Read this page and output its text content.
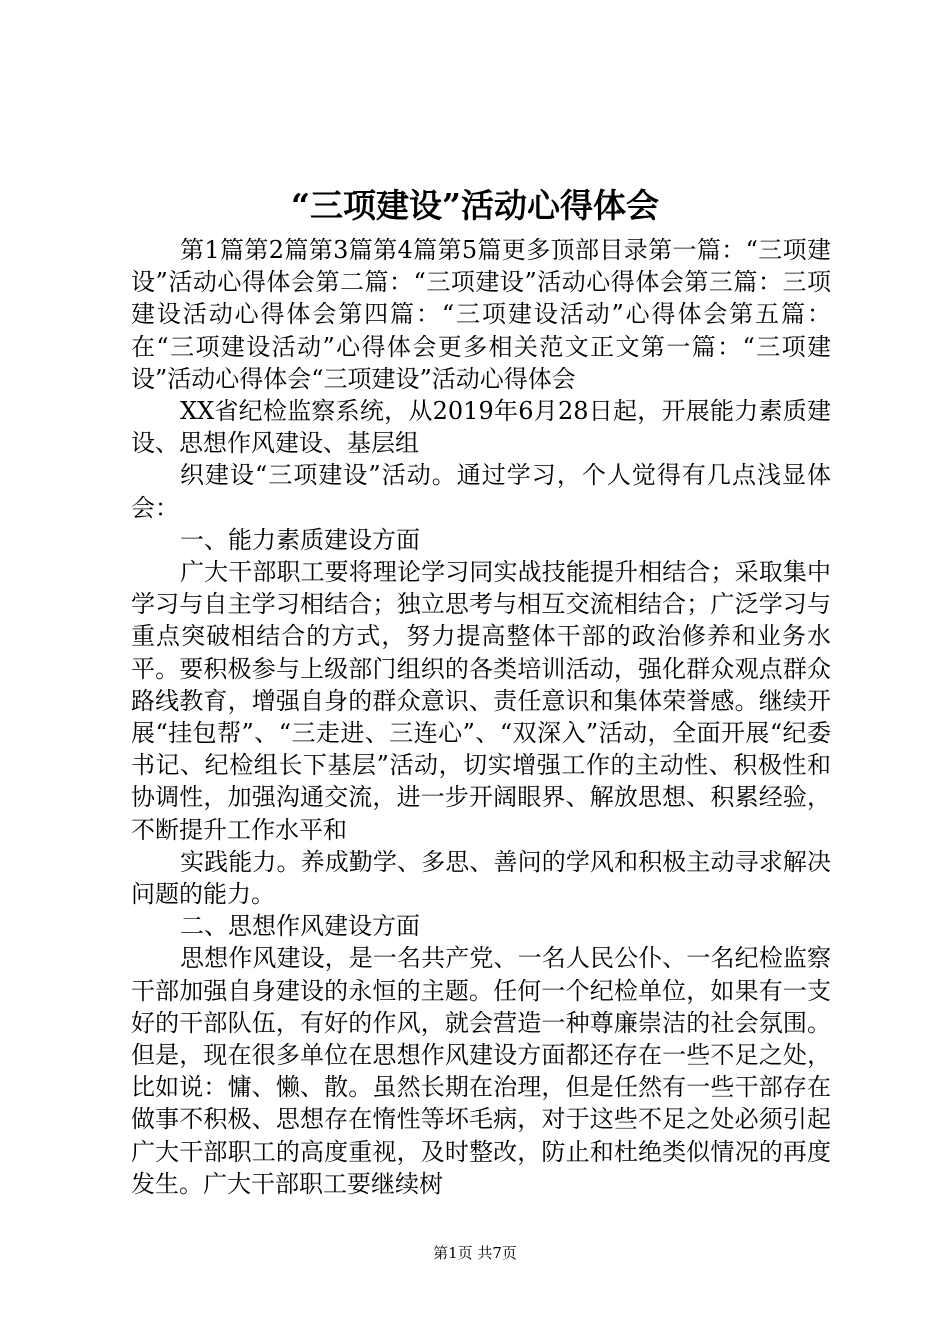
“三项建设”活动心得体会

第1篇第2篇第3篇第4篇第5篇更多顶部目录第一篇：“三项建设”活动心得体会第二篇：“三项建设”活动心得体会第三篇：三项建设活动心得体会第四篇：“三项建设活动”心得体会第五篇：在“三项建设活动”心得体会更多相关范文正文第一篇：“三项建设”活动心得体会“三项建设”活动心得体会

XX省纪检监察系统，从2019年6月28日起，开展能力素质建设、思想作风建设、基层组

织建设“三项建设”活动。通过学习，个人觉得有几点浅显体会：

一、能力素质建设方面

广大干部职工要将理论学习同实战技能提升相结合；采取集中学习与自主学习相结合；独立思考与相互交流相结合；广泛学习与重点突破相结合的方式，努力提高整体干部的政治修养和业务水平。要积极参与上级部门组织的各类培训活动，强化群众观点群众路线教育，增强自身的群众意识、责任意识和集体荣誉感。继续开展“挂包帮”、“三走进、三连心”、“双深入”活动，全面开展“纪委书记、纪检组长下基层”活动，切实增强工作的主动性、积极性和协调性，加强沟通交流，进一步开阔眼界、解放思想、积累经验，不断提升工作水平和

实践能力。养成勤学、多思、善问的学风和积极主动寻求解决问题的能力。

二、思想作风建设方面

思想作风建设，是一名共产党、一名人民公仆、一名纪检监察干部加强自身建设的永恒的主题。任何一个纪检单位，如果有一支好的干部队伍，有好的作风，就会营造一种尊廉崇洁的社会氛围。但是，现在很多单位在思想作风建设方面都还存在一些不足之处，比如说：慵、懒、散。虽然长期在治理，但是任然有一些干部存在做事不积极、思想存在惰性等坏毛病，对于这些不足之处必须引起广大干部职工的高度重视，及时整改，防止和杜绝类似情况的再度发生。广大干部职工要继续树

第1页 共7页
